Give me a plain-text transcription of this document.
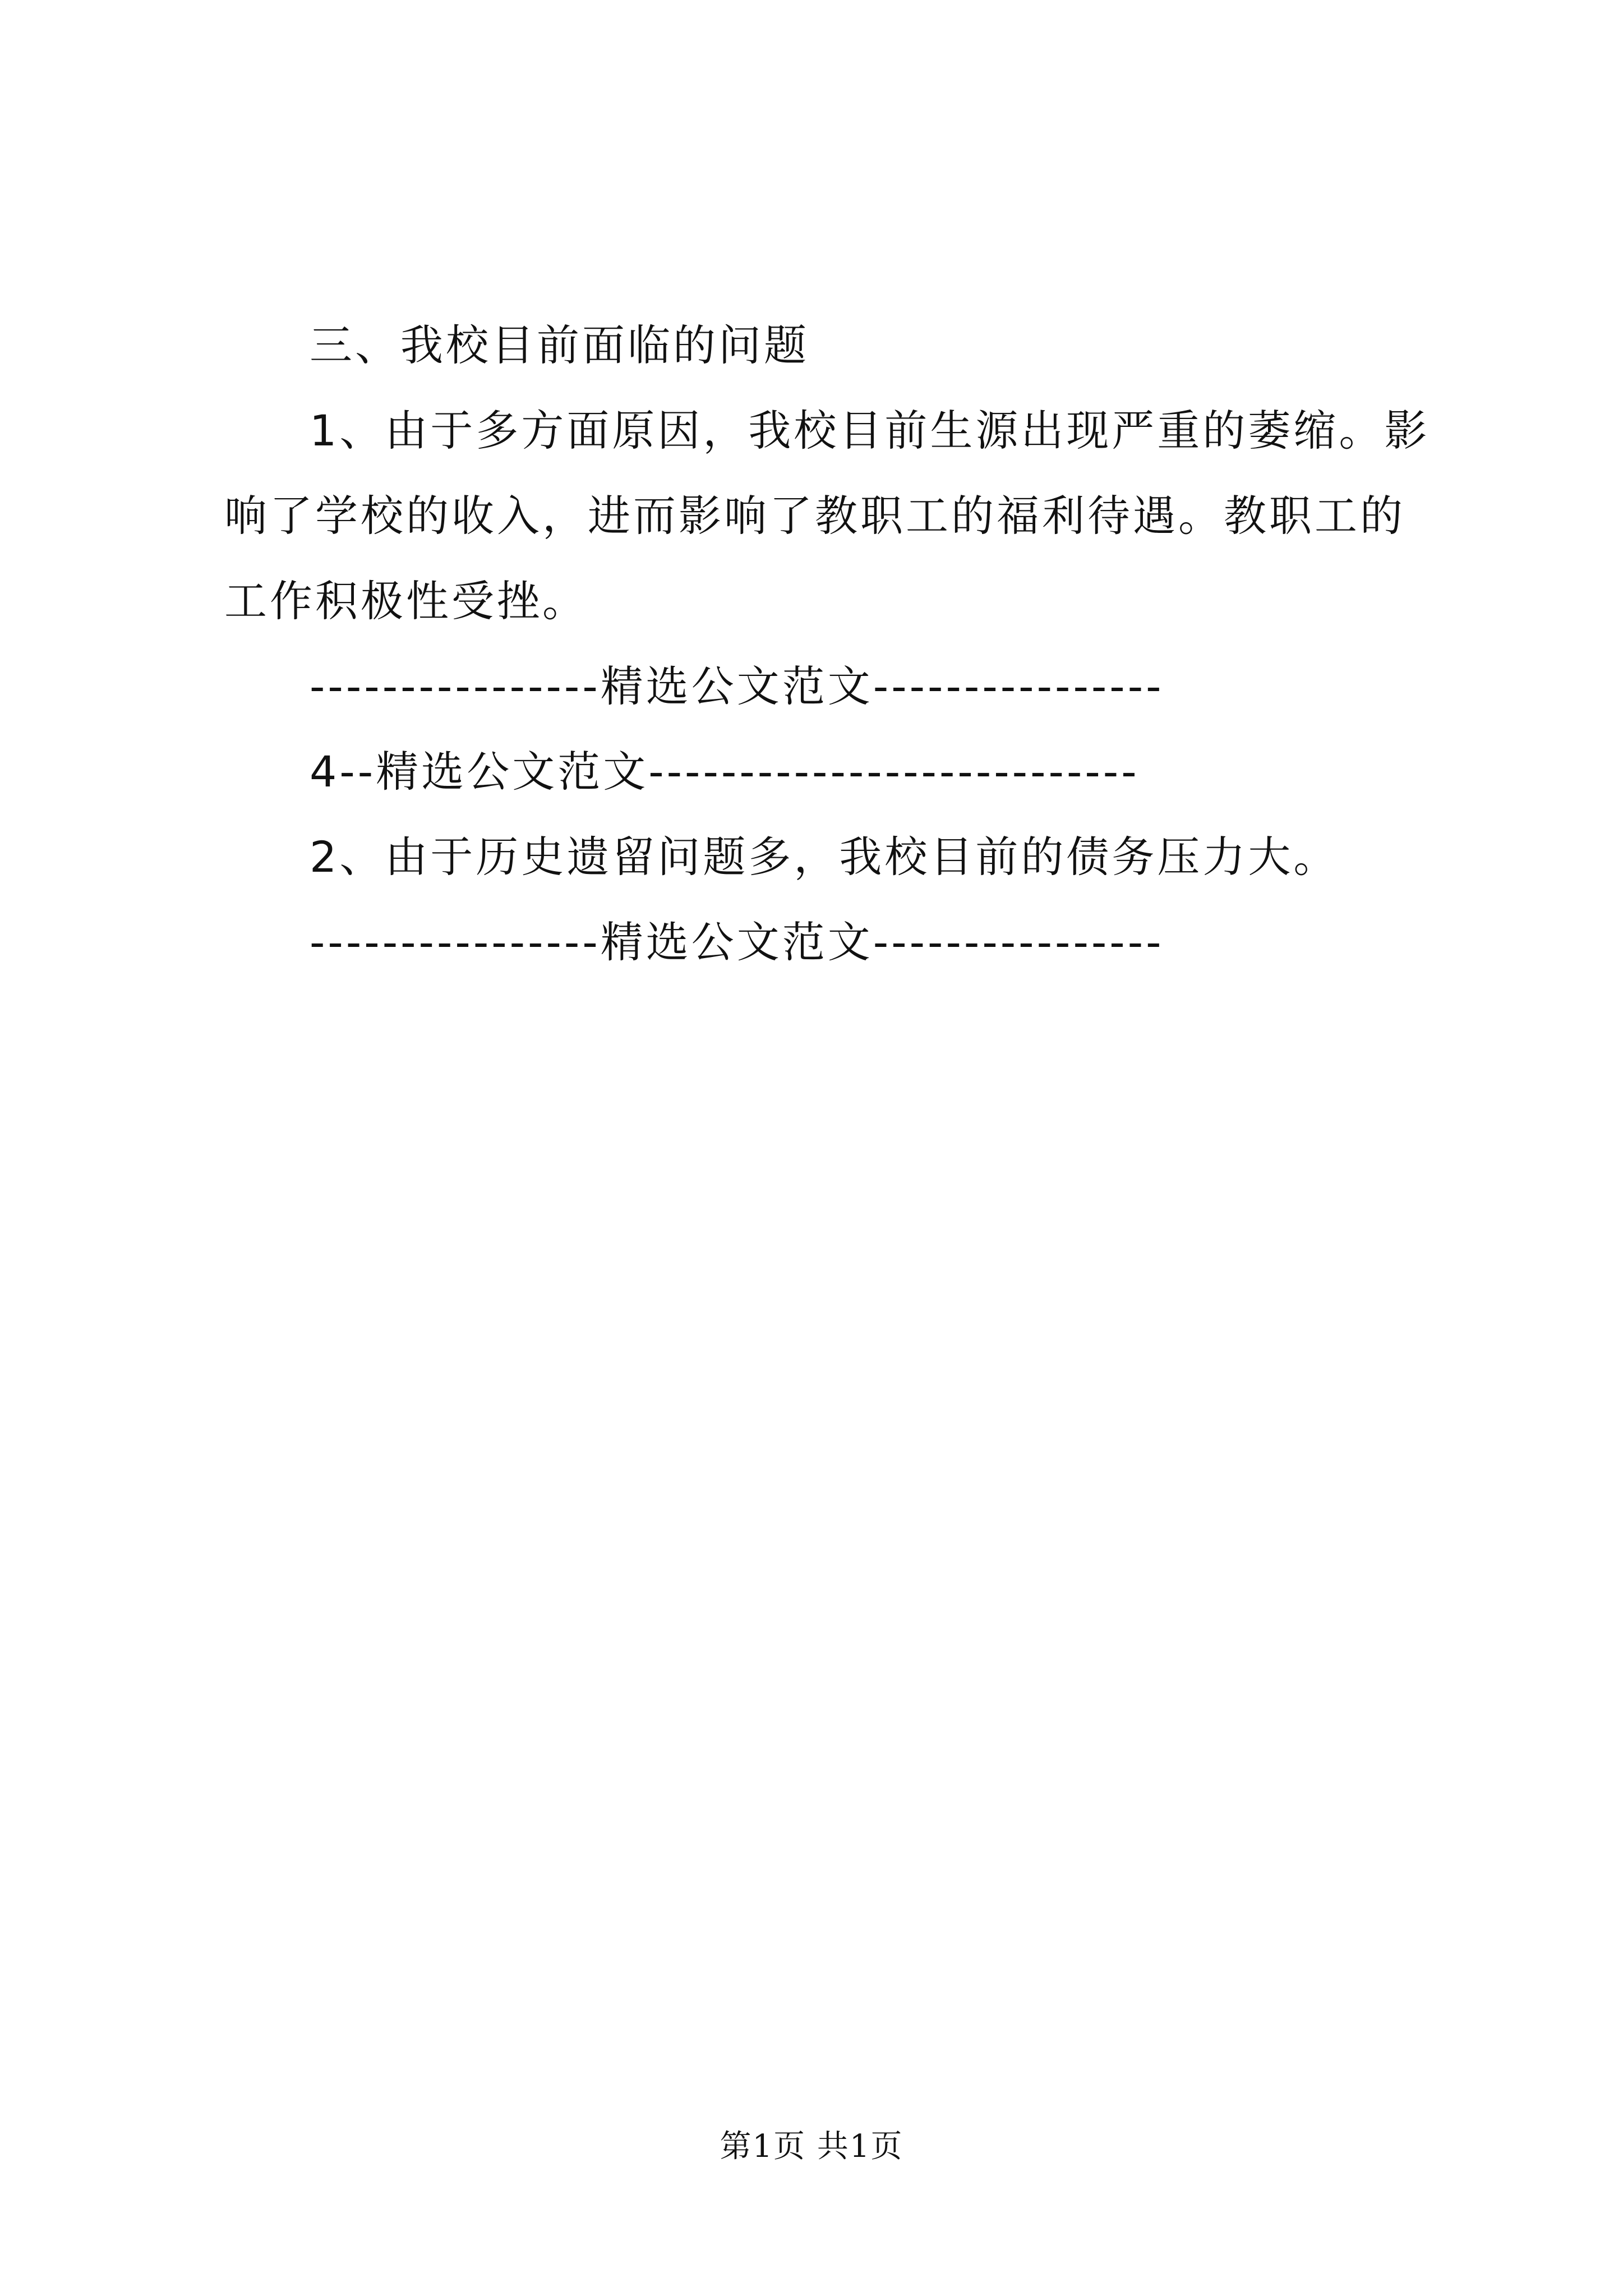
三、我校目前面临的问题

1、由于多方面原因，我校目前生源出现严重的萎缩。影响了学校的收入，进而影响了教职工的福利待遇。教职工的工作积极性受挫。

----------------精选公文范文----------------

4--精选公文范文---------------------------

2、由于历史遗留问题多，我校目前的债务压力大。

----------------精选公文范文----------------

第1页 共1页
